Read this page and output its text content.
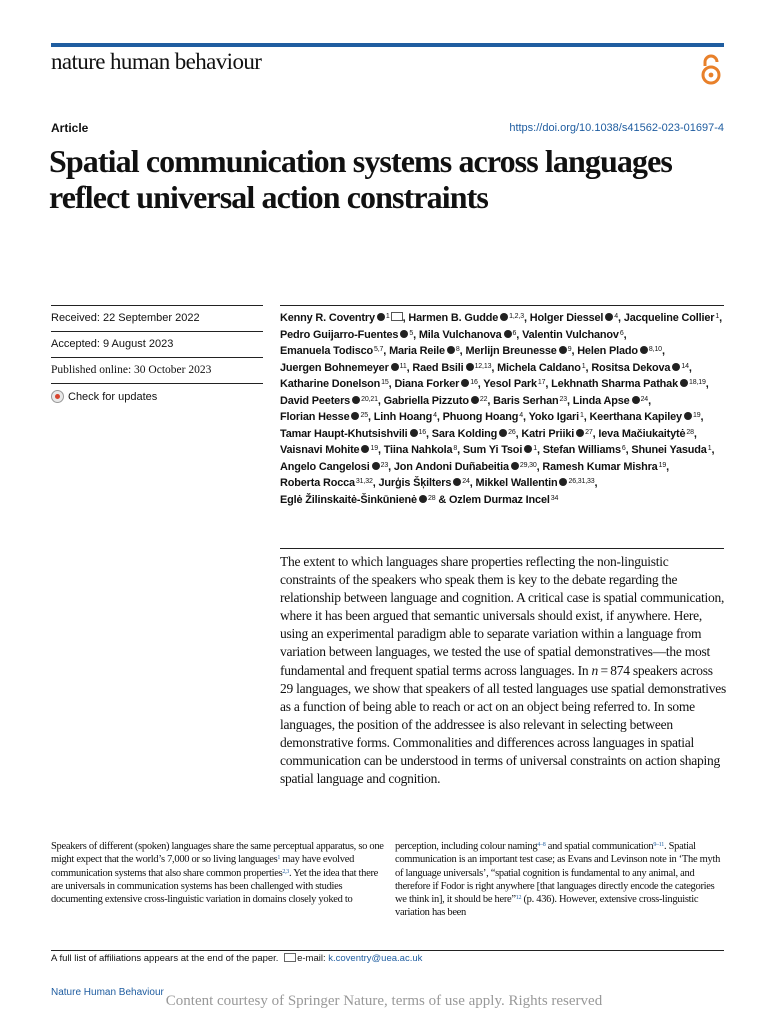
nature human behaviour
Article	https://doi.org/10.1038/s41562-023-01697-4
Spatial communication systems across languages reflect universal action constraints
Received: 22 September 2022
Accepted: 9 August 2023
Published online: 30 October 2023
Check for updates
Kenny R. Coventry $^1$ , Harmen B. Gudde $^{1,2,3}$, Holger Diessel $^4$, Jacqueline Collier$^1$, Pedro Guijarro-Fuentes $^5$, Mila Vulchanova $^6$, Valentin Vulchanov$^6$, Emanuela Todisco$^{5,7}$, Maria Reile $^8$, Merlijn Breunesse $^9$, Helen Plado $^{8,10}$, Juergen Bohnemeyer $^{11}$, Raed Bsili $^{12,13}$, Michela Caldano$^1$, Rositsa Dekova $^{14}$, Katharine Donelson$^{15}$, Diana Forker $^{16}$, Yesol Park$^{17}$, Lekhnath Sharma Pathak $^{18,19}$, David Peeters $^{20,21}$, Gabriella Pizzuto $^{22}$, Baris Serhan$^{23}$, Linda Apse $^{24}$, Florian Hesse $^{25}$, Linh Hoang$^4$, Phuong Hoang$^4$, Yoko Igari$^1$, Keerthana Kapiley $^{19}$, Tamar Haupt-Khutsishvili $^{16}$, Sara Kolding $^{26}$, Katri Priiki $^{27}$, Ieva Mačiukaitytė$^{28}$, Vaisnavi Mohite $^{19}$, Tiina Nahkola$^8$, Sum Yi Tsoi $^1$, Stefan Williams$^6$, Shunei Yasuda$^1$, Angelo Cangelosi $^{23}$, Jon Andoni Duñabeitia $^{29,30}$, Ramesh Kumar Mishra$^{19}$, Roberta Rocca$^{31,32}$, Jurģis Šķilters $^{24}$, Mikkel Wallentin $^{26,31,33}$, Eglė Žilinskaitė-Šinkūnienė $^{28}$ & Ozlem Durmaz Incel$^{34}$

The extent to which languages share properties reflecting the non-linguistic constraints of the speakers who speak them is key to the debate regarding the relationship between language and cognition. A critical case is spatial communication, where it has been argued that semantic universals should exist, if anywhere. Here, using an experimental paradigm able to separate variation within a language from variation between languages, we tested the use of spatial demonstratives—the most fundamental and frequent spatial terms across languages. In n = 874 speakers across 29 languages, we show that speakers of all tested languages use spatial demonstratives as a function of being able to reach or act on an object being referred to. In some languages, the position of the addressee is also relevant in selecting between demonstrative forms. Commonalities and differences across languages in spatial communication can be understood in terms of universal constraints on action shaping spatial language and cognition.

Speakers of different (spoken) languages share the same perceptual apparatus, so one might expect that the world’s 7,000 or so living languages$^1$ may have evolved communication systems that also share common properties$^{2,3}$. Yet the idea that there are universals in communication systems has been challenged with studies documenting extensive cross-linguistic variation in domains closely yoked to

perception, including colour naming$^{4-8}$ and spatial communication$^{9-11}$. Spatial communication is an important test case; as Evans and Levinson note in ‘The myth of language universals’, “spatial cognition is fundamental to any animal, and therefore if Fodor is right anywhere [that languages directly encode the categories we think in], it should be here”$^{12}$ (p. 436). However, extensive cross-linguistic variation has been

A full list of affiliations appears at the end of the paper. e-mail: k.coventry@uea.ac.uk
Nature Human Behaviour
Content courtesy of Springer Nature, terms of use apply. Rights reserved
